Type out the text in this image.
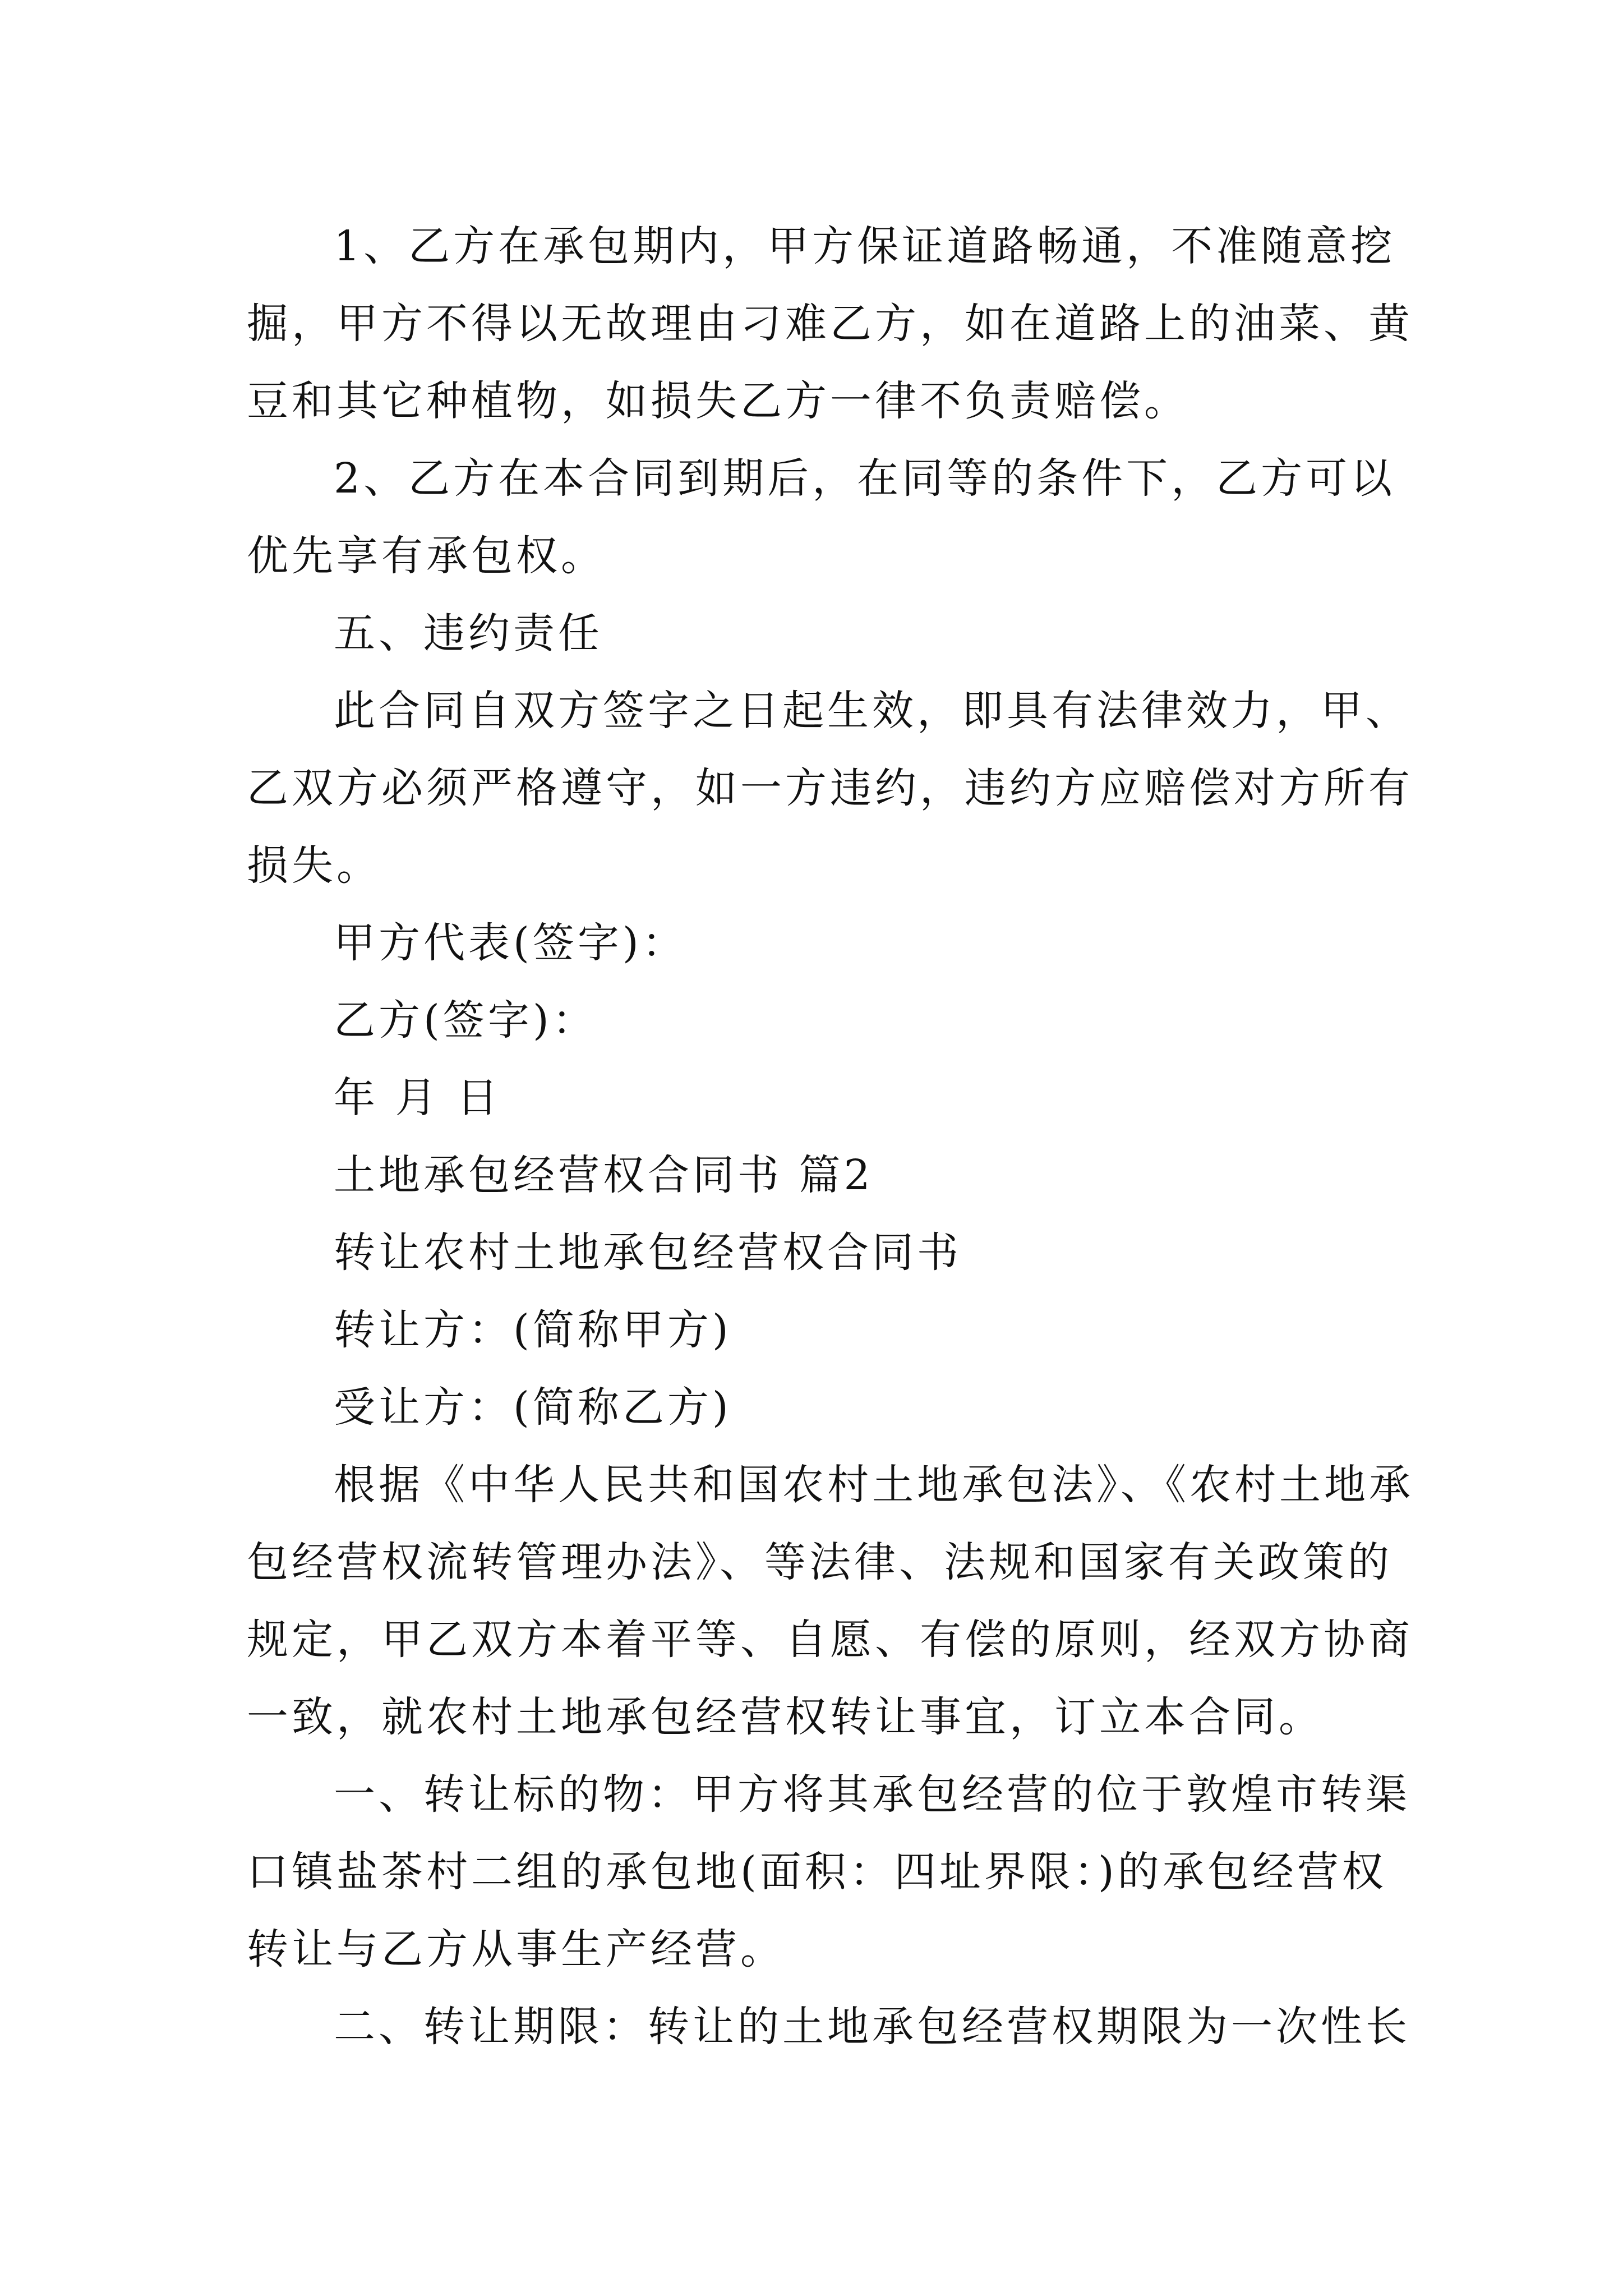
1、乙方在承包期内，甲方保证道路畅通，不准随意挖

掘，甲方不得以无故理由刁难乙方，如在道路上的油菜、黄

豆和其它种植物，如损失乙方一律不负责赔偿。

2、乙方在本合同到期后，在同等的条件下，乙方可以

优先享有承包权。

五、违约责任

此合同自双方签字之日起生效，即具有法律效力，甲、

乙双方必须严格遵守，如一方违约，违约方应赔偿对方所有

损失。

甲方代表(签字)：

乙方(签字)：

年 月 日

土地承包经营权合同书 篇2

转让农村土地承包经营权合同书

转让方：(简称甲方)

受让方：(简称乙方)

根据《中华人民共和国农村土地承包法》、《农村土地承

包经营权流转管理办法》、等法律、法规和国家有关政策的

规定，甲乙双方本着平等、自愿、有偿的原则，经双方协商

一致，就农村土地承包经营权转让事宜，订立本合同。

一、转让标的物：甲方将其承包经营的位于敦煌市转渠

口镇盐茶村二组的承包地(面积：四址界限：)的承包经营权

转让与乙方从事生产经营。

二、转让期限：转让的土地承包经营权期限为一次性长
